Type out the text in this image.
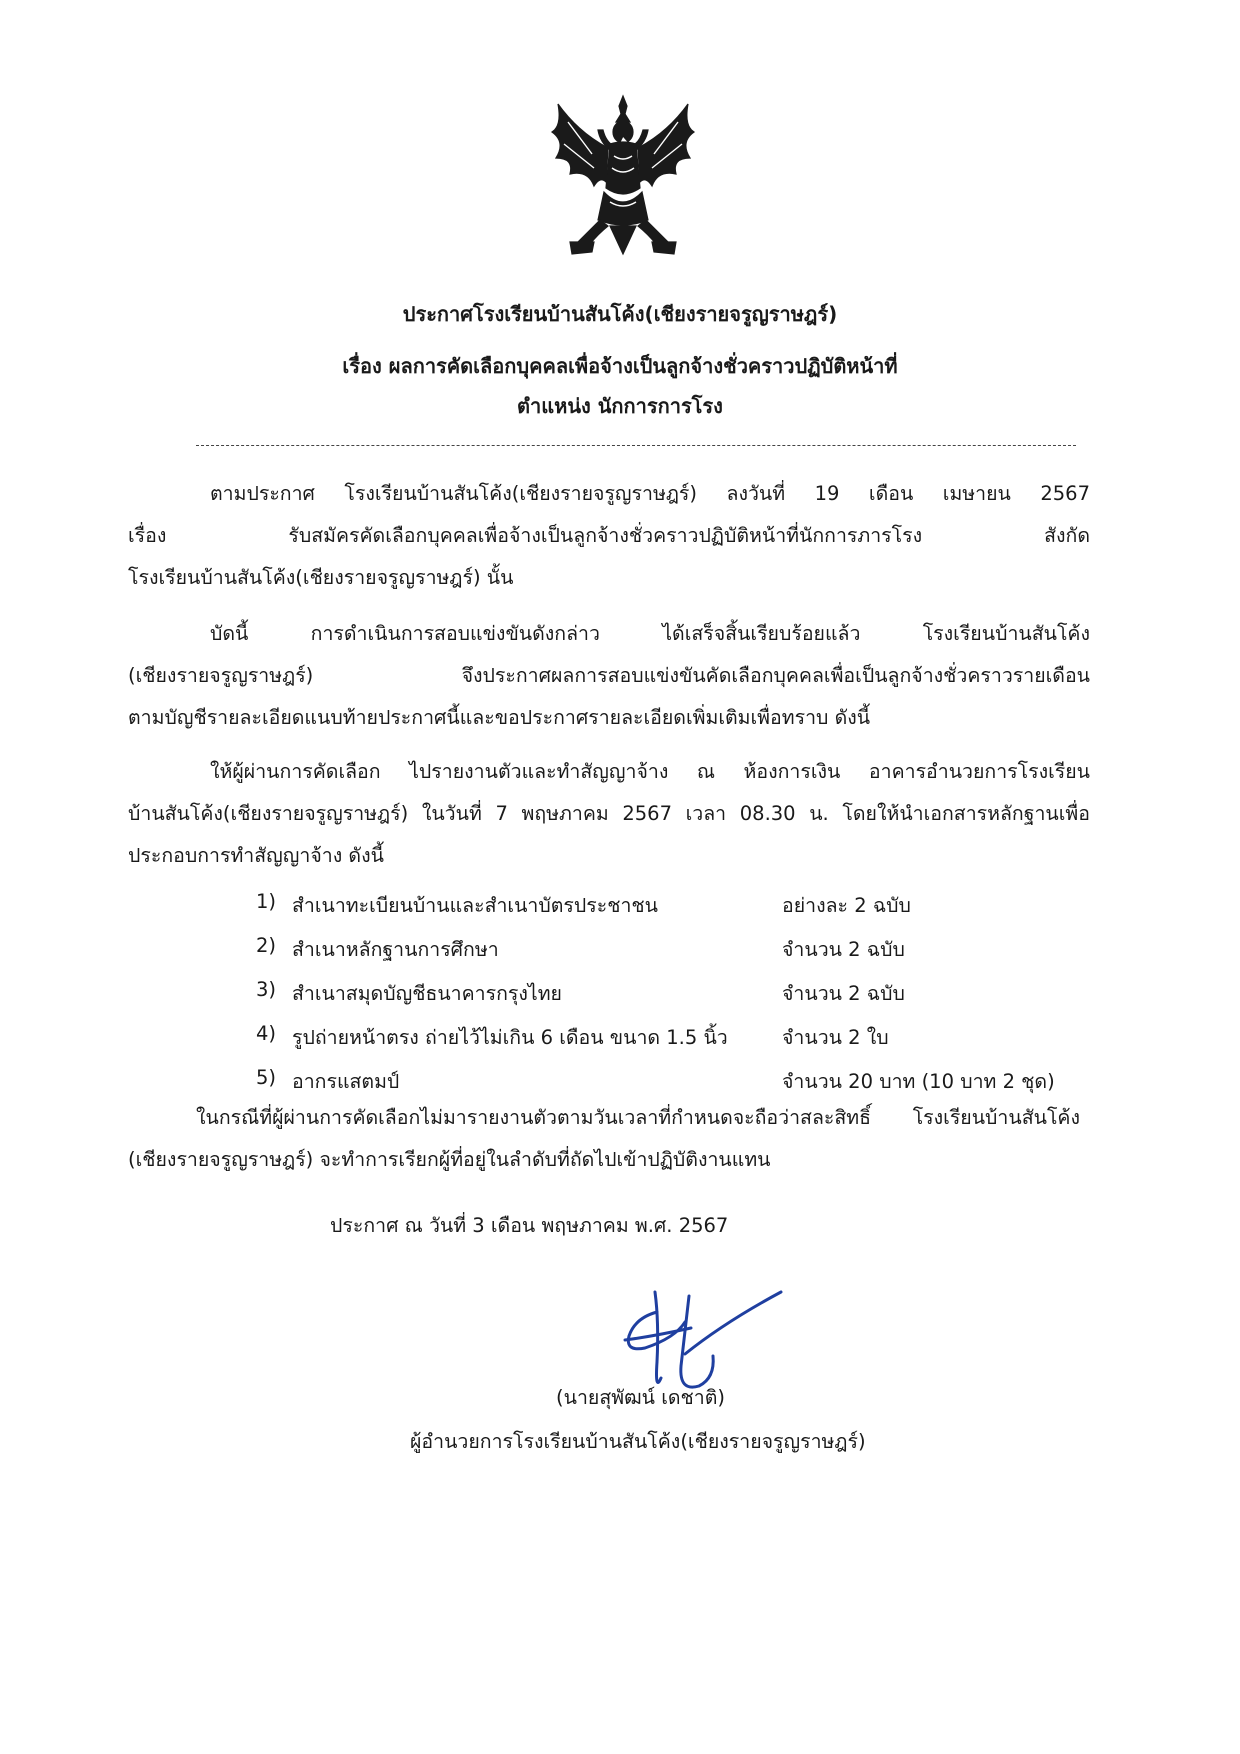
ประกาศโรงเรียนบ้านสันโค้ง(เชียงรายจรูญราษฎร์)
เรื่อง ผลการคัดเลือกบุคคลเพื่อจ้างเป็นลูกจ้างชั่วคราวปฏิบัติหน้าที่
ตำแหน่ง นักการการโรง
ตามประกาศ โรงเรียนบ้านสันโค้ง(เชียงรายจรูญราษฎร์) ลงวันที่ 19 เดือน เมษายน 2567
เรื่อง รับสมัครคัดเลือกบุคคลเพื่อจ้างเป็นลูกจ้างชั่วคราวปฏิบัติหน้าที่นักการภารโรง สังกัด
โรงเรียนบ้านสันโค้ง(เชียงรายจรูญราษฎร์) นั้น
บัดนี้ การดำเนินการสอบแข่งขันดังกล่าว ได้เสร็จสิ้นเรียบร้อยแล้ว โรงเรียนบ้านสันโค้ง
(เชียงรายจรูญราษฎร์) จึงประกาศผลการสอบแข่งขันคัดเลือกบุคคลเพื่อเป็นลูกจ้างชั่วคราวรายเดือน
ตามบัญชีรายละเอียดแนบท้ายประกาศนี้และขอประกาศรายละเอียดเพิ่มเติมเพื่อทราบ ดังนี้
ให้ผู้ผ่านการคัดเลือก ไปรายงานตัวและทำสัญญาจ้าง ณ ห้องการเงิน อาคารอำนวยการโรงเรียน
บ้านสันโค้ง(เชียงรายจรูญราษฎร์) ในวันที่ 7 พฤษภาคม 2567 เวลา 08.30 น. โดยให้นำเอกสารหลักฐานเพื่อ
ประกอบการทำสัญญาจ้าง ดังนี้
1) สำเนาทะเบียนบ้านและสำเนาบัตรประชาชน	อย่างละ 2 ฉบับ
2) สำเนาหลักฐานการศึกษา	จำนวน 2 ฉบับ
3) สำเนาสมุดบัญชีธนาคารกรุงไทย	จำนวน 2 ฉบับ
4) รูปถ่ายหน้าตรง ถ่ายไว้ไม่เกิน 6 เดือน ขนาด 1.5 นิ้ว	จำนวน 2 ใบ
5) อากรแสตมป์	จำนวน 20 บาท (10 บาท 2 ชุด)
ในกรณีที่ผู้ผ่านการคัดเลือกไม่มารายงานตัวตามวันเวลาที่กำหนดจะถือว่าสละสิทธิ์ โรงเรียนบ้านสันโค้ง
(เชียงรายจรูญราษฎร์) จะทำการเรียกผู้ที่อยู่ในลำดับที่ถัดไปเข้าปฏิบัติงานแทน
ประกาศ ณ วันที่ 3 เดือน พฤษภาคม พ.ศ. 2567
(นายสุพัฒน์ เดชาติ)
ผู้อำนวยการโรงเรียนบ้านสันโค้ง(เชียงรายจรูญราษฎร์)
